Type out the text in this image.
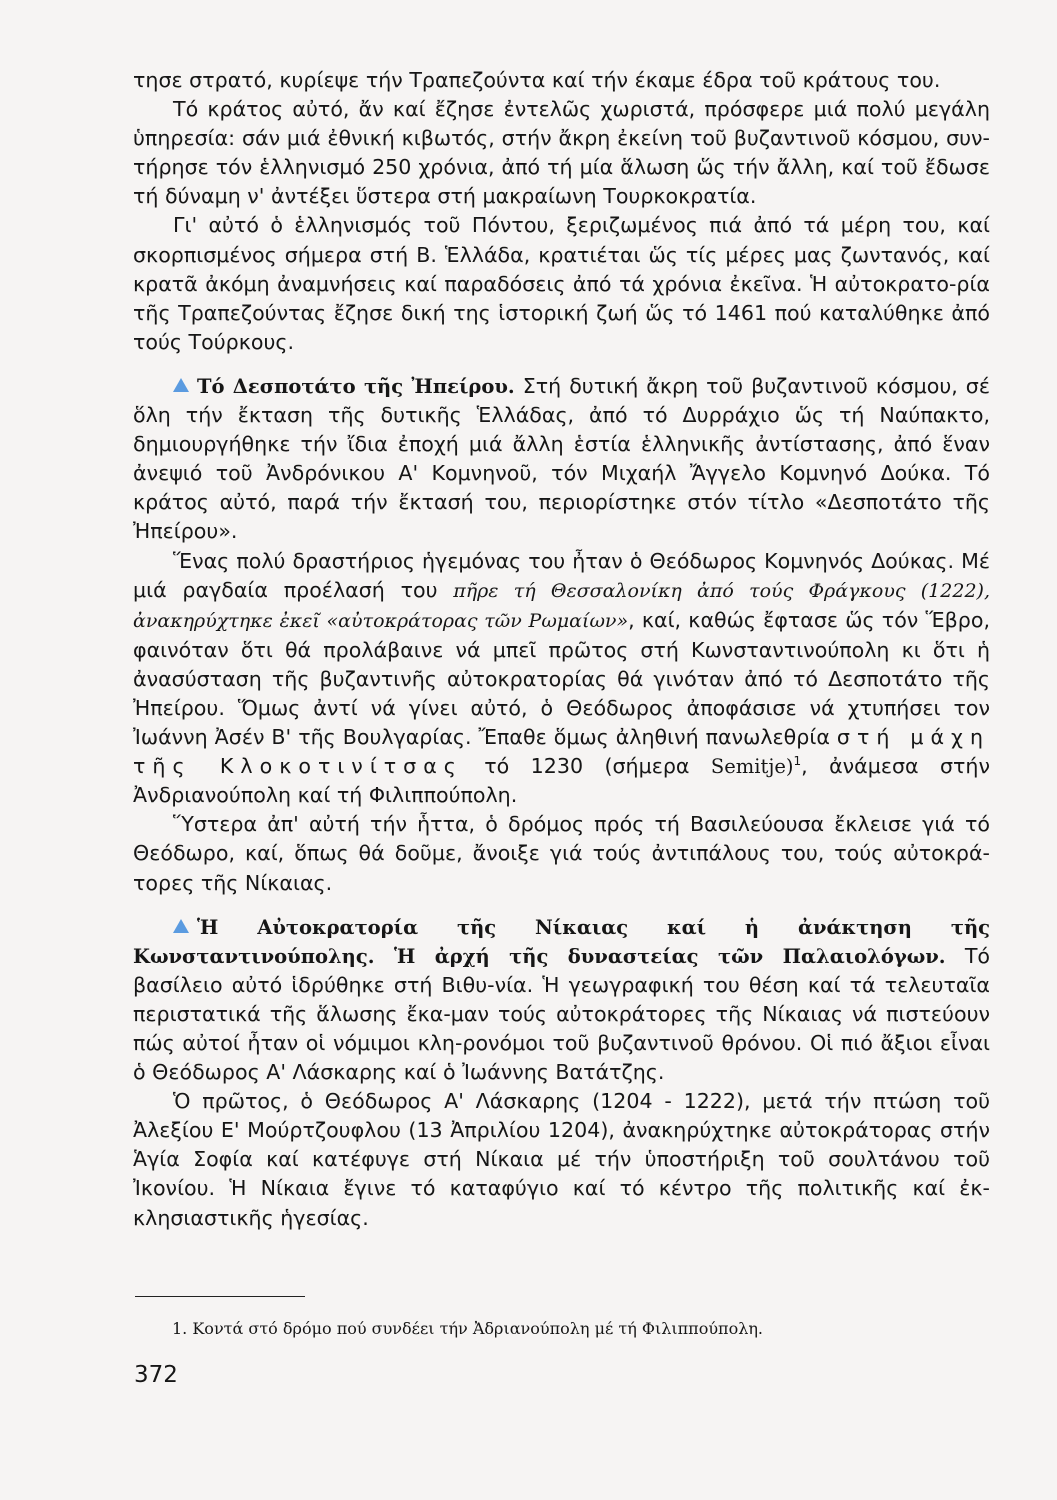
τησε στρατό, κυρίεψε τήν Τραπεζούντα καί τήν έκαμε έδρα τοῦ κράτους του.

Τό κράτος αὐτό, ἄν καί ἔζησε ἐντελῶς χωριστά, πρόσφερε μιά πολύ μεγάλη ὑπηρεσία: σάν μιά ἐθνική κιβωτός, στήν ἄκρη ἐκείνη τοῦ βυζαντινοῦ κόσμου, συν-τήρησε τόν ἑλληνισμό 250 χρόνια, ἀπό τή μία ἅλωση ὥς τήν ἄλλη, καί τοῦ ἔδωσε τή δύναμη ν' ἀντέξει ὕστερα στή μακραίωνη Τουρκοκρατία.

Γι' αὐτό ὁ ἑλληνισμός τοῦ Πόντου, ξεριζωμένος πιά ἀπό τά μέρη του, καί σκορπισμένος σήμερα στή Β. Ἑλλάδα, κρατιέται ὥς τίς μέρες μας ζωντανός, καί κρατᾶ ἀκόμη ἀναμνήσεις καί παραδόσεις ἀπό τά χρόνια ἐκεῖνα. Ἡ αὐτοκρατο-ρία τῆς Τραπεζούντας ἔζησε δική της ἱστορική ζωή ὥς τό 1461 πού καταλύθηκε ἀπό τούς Τούρκους.

Τό Δεσποτάτο τῆς Ἠπείρου. Στή δυτική ἄκρη τοῦ βυζαντινοῦ κόσμου, σέ ὅλη τήν ἔκταση τῆς δυτικῆς Ἑλλάδας, ἀπό τό Δυρράχιο ὥς τή Ναύπακτο, δημιουργήθηκε τήν ἴδια ἐποχή μιά ἄλλη ἑστία ἑλληνικῆς ἀντίστασης, ἀπό ἕναν ἀνεψιό τοῦ Ἀνδρόνικου Α' Κομνηνοῦ, τόν Μιχαήλ Ἄγγελο Κομνηνό Δούκα. Τό κράτος αὐτό, παρά τήν ἔκτασή του, περιορίστηκε στόν τίτλο «Δεσποτάτο τῆς Ἠπείρου».

Ἕνας πολύ δραστήριος ἡγεμόνας του ἦταν ὁ Θεόδωρος Κομνηνός Δούκας. Μέ μιά ραγδαία προέλασή του πῆρε τή Θεσσαλονίκη ἀπό τούς Φράγκους (1222), ἀνακηρύχτηκε ἐκεῖ «αὐτοκράτορας τῶν Ρωμαίων», καί, καθώς ἔφτασε ὥς τόν Ἕβρο, φαινόταν ὅτι θά προλάβαινε νά μπεῖ πρῶτος στή Κωνσταντινούπολη κι ὅτι ἡ ἀνασύσταση τῆς βυζαντινῆς αὐτοκρατορίας θά γινόταν ἀπό τό Δεσποτάτο τῆς Ἠπείρου. Ὅμως ἀντί νά γίνει αὐτό, ὁ Θεόδωρος ἀποφάσισε νά χτυπήσει τον Ἰωάννη Ἀσέν Β' τῆς Βουλγαρίας. Ἔπαθε ὅμως ἀληθινή πανωλεθρία στή μάχη τῆς Κλοκοτινίτσας τό 1230 (σήμερα Semitje)$^1$, ἀνάμεσα στήν Ἀνδριανούπολη καί τή Φιλιππούπολη.

Ὕστερα ἀπ' αὐτή τήν ἧττα, ὁ δρόμος πρός τή Βασιλεύουσα ἔκλεισε γιά τό Θεόδωρο, καί, ὅπως θά δοῦμε, ἄνοιξε γιά τούς ἀντιπάλους του, τούς αὐτοκρά-τορες τῆς Νίκαιας.

Ἡ Αὐτοκρατορία τῆς Νίκαιας καί ἡ ἀνάκτηση τῆς Κωνσταντινούπολης. Ἡ ἀρχή τῆς δυναστείας τῶν Παλαιολόγων. Τό βασίλειο αὐτό ἱδρύθηκε στή Βιθυ-νία. Ἡ γεωγραφική του θέση καί τά τελευταῖα περιστατικά τῆς ἅλωσης ἔκα-μαν τούς αὐτοκράτορες τῆς Νίκαιας νά πιστεύουν πώς αὐτοί ἦταν οἱ νόμιμοι κλη-ρονόμοι τοῦ βυζαντινοῦ θρόνου. Οἱ πιό ἄξιοι εἶναι ὁ Θεόδωρος Α' Λάσκαρης καί ὁ Ἰωάννης Βατάτζης.

Ὁ πρῶτος, ὁ Θεόδωρος Α' Λάσκαρης (1204 - 1222), μετά τήν πτώση τοῦ Ἀλεξίου Ε' Μούρτζουφλου (13 Ἀπριλίου 1204), ἀνακηρύχτηκε αὐτοκράτορας στήν Ἁγία Σοφία καί κατέφυγε στή Νίκαια μέ τήν ὑποστήριξη τοῦ σουλτάνου τοῦ Ἰκονίου. Ἡ Νίκαια ἔγινε τό καταφύγιο καί τό κέντρο τῆς πολιτικῆς καί ἐκ-κλησιαστικῆς ἡγεσίας.

1. Κοντά στό δρόμο πού συνδέει τήν Ἀδριανούπολη μέ τή Φιλιππούπολη.
372
